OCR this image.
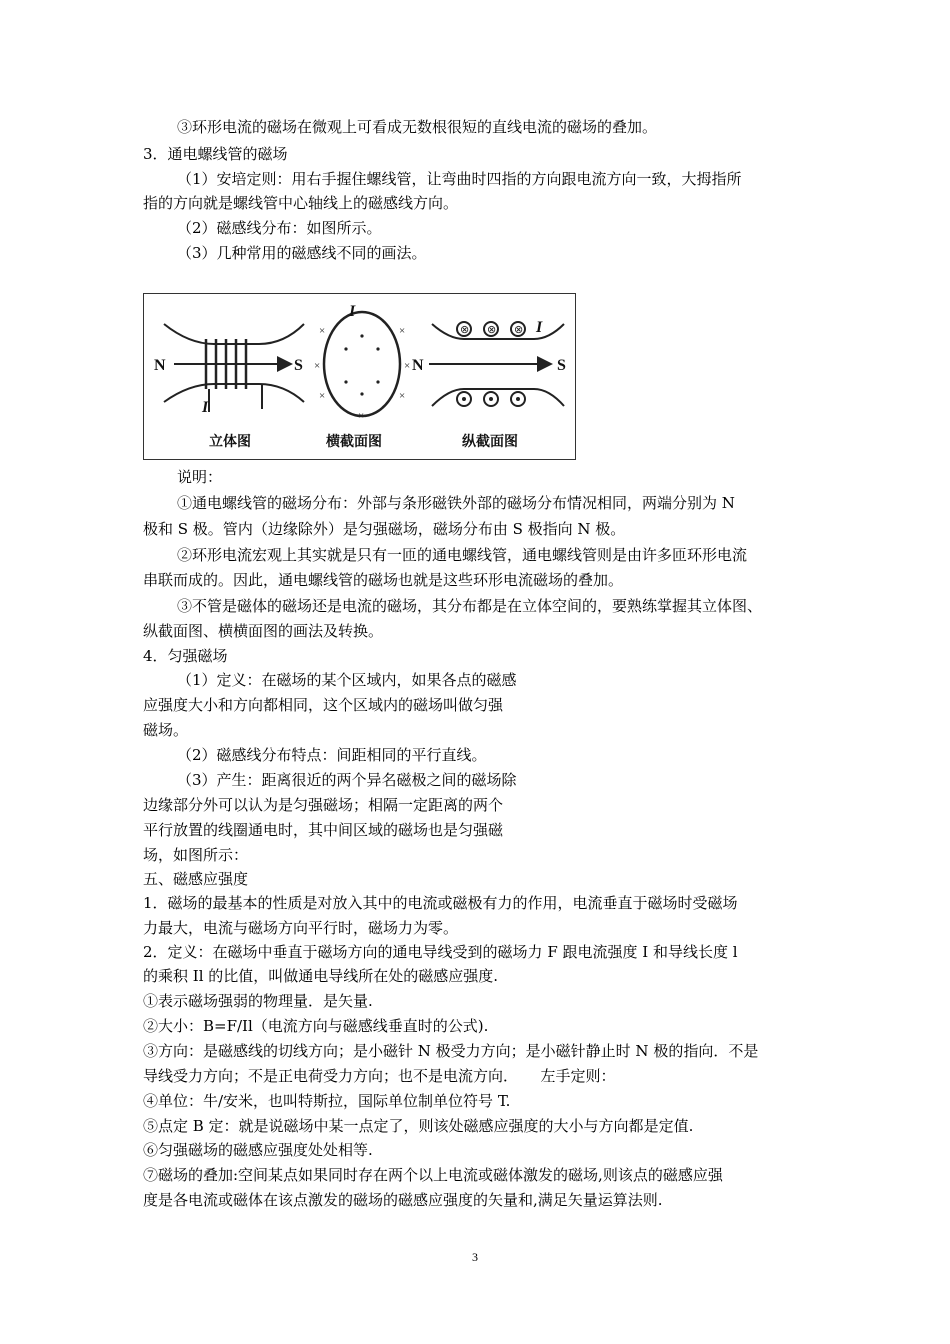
③环形电流的磁场在微观上可看成无数根很短的直线电流的磁场的叠加。
3．通电螺线管的磁场
（1）安培定则：用右手握住螺线管，让弯曲时四指的方向跟电流方向一致，大拇指所
指的方向就是螺线管中心轴线上的磁感线方向。
（2）磁感线分布：如图所示。
（3）几种常用的磁感线不同的画法。
⊗ ⊗ ⊗
×
×
×
×
×	×
×
N	S
I
I
N	S
I
立体图	横截面图	纵截面图
说明：
①通电螺线管的磁场分布：外部与条形磁铁外部的磁场分布情况相同，两端分别为 N
极和 S 极。管内（边缘除外）是匀强磁场，磁场分布由 S 极指向 N 极。
②环形电流宏观上其实就是只有一匝的通电螺线管，通电螺线管则是由许多匝环形电流
串联而成的。因此，通电螺线管的磁场也就是这些环形电流磁场的叠加。
③不管是磁体的磁场还是电流的磁场，其分布都是在立体空间的，要熟练掌握其立体图、
纵截面图、横横面图的画法及转换。
4．匀强磁场
（1）定义：在磁场的某个区域内，如果各点的磁感
应强度大小和方向都相同，这个区域内的磁场叫做匀强
磁场。
（2）磁感线分布特点：间距相同的平行直线。
（3）产生：距离很近的两个异名磁极之间的磁场除
边缘部分外可以认为是匀强磁场；相隔一定距离的两个
平行放置的线圈通电时，其中间区域的磁场也是匀强磁
场，如图所示：
五、磁感应强度
1．磁场的最基本的性质是对放入其中的电流或磁极有力的作用，电流垂直于磁场时受磁场
力最大，电流与磁场方向平行时，磁场力为零。
2．定义：在磁场中垂直于磁场方向的通电导线受到的磁场力 F 跟电流强度 I 和导线长度 l
的乘积 Il 的比值，叫做通电导线所在处的磁感应强度.
①表示磁场强弱的物理量．是矢量.
②大小：B=F/Il（电流方向与磁感线垂直时的公式).
③方向：是磁感线的切线方向；是小磁针 N 极受力方向；是小磁针静止时 N 极的指向．不是
导线受力方向；不是正电荷受力方向；也不是电流方向．　　左手定则：
④单位：牛/安米，也叫特斯拉，国际单位制单位符号 T.
⑤点定 B 定：就是说磁场中某一点定了，则该处磁感应强度的大小与方向都是定值.
⑥匀强磁场的磁感应强度处处相等.
⑦磁场的叠加:空间某点如果同时存在两个以上电流或磁体激发的磁场,则该点的磁感应强
度是各电流或磁体在该点激发的磁场的磁感应强度的矢量和,满足矢量运算法则.
3
